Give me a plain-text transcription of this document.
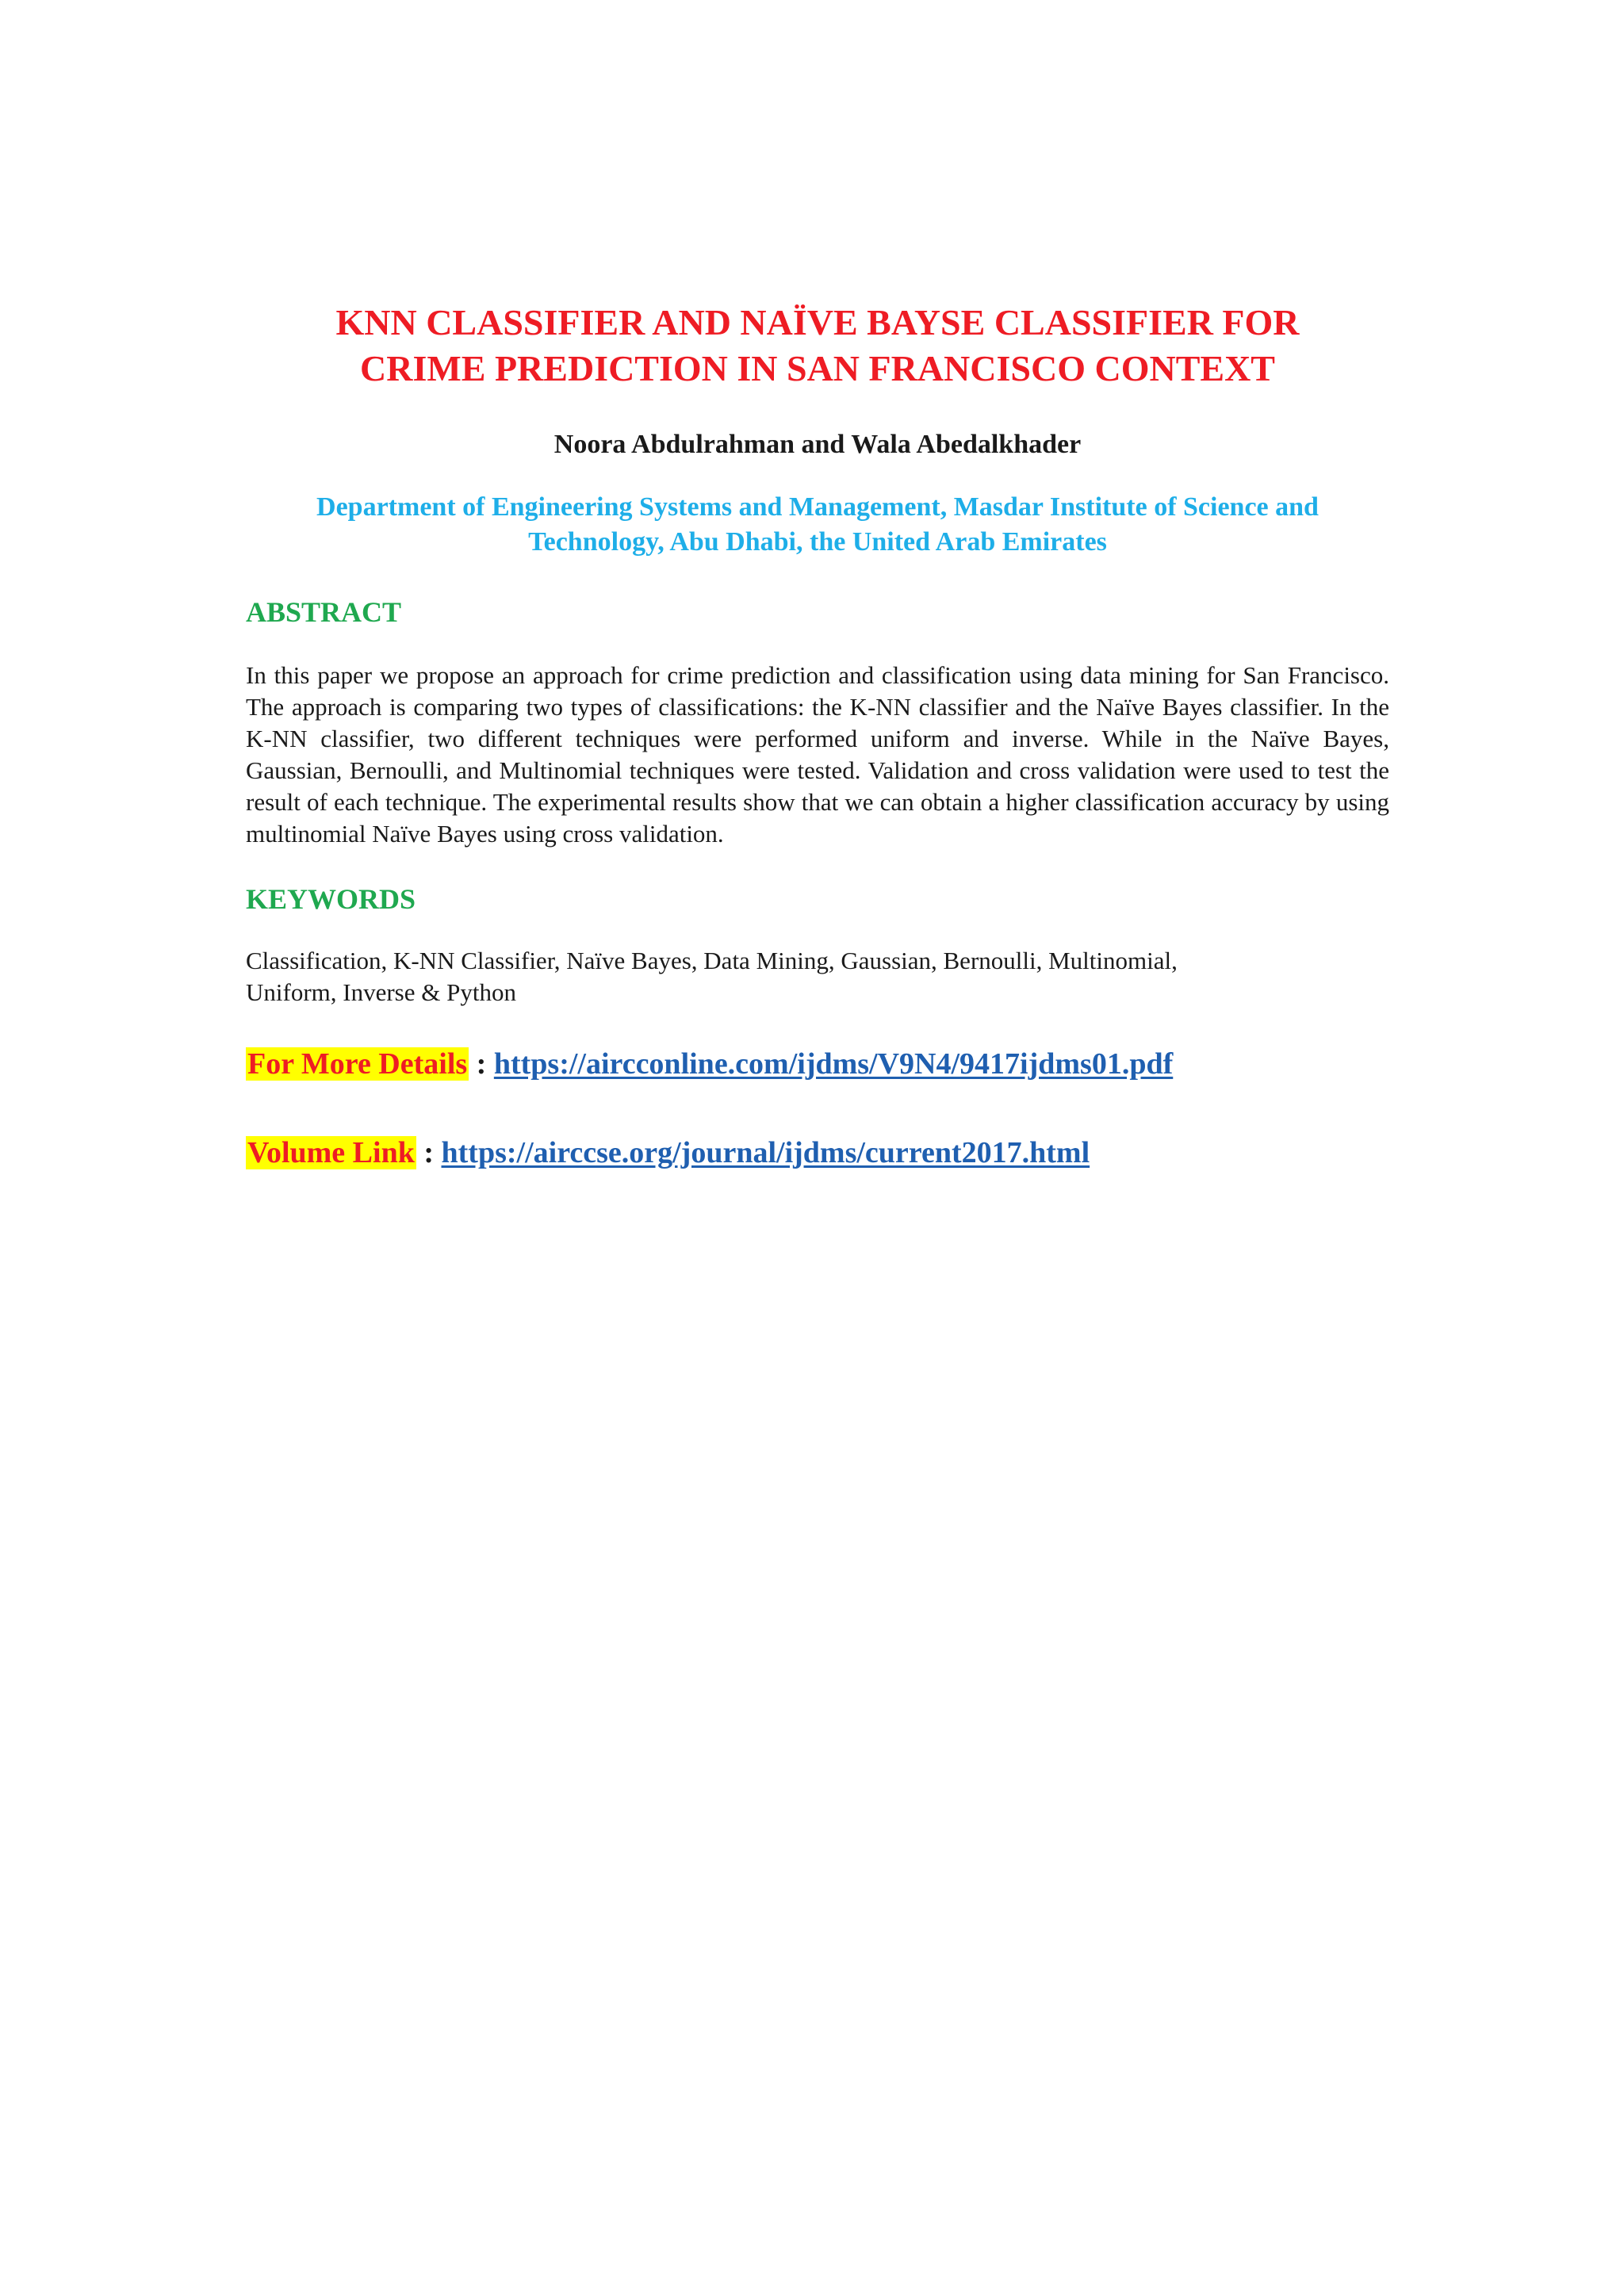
KNN CLASSIFIER AND NAÏVE BAYSE CLASSIFIER FOR
CRIME PREDICTION IN SAN FRANCISCO CONTEXT

Noora Abdulrahman and Wala Abedalkhader

Department of Engineering Systems and Management, Masdar Institute of Science and
Technology, Abu Dhabi, the United Arab Emirates

ABSTRACT

In this paper we propose an approach for crime prediction and classification using data mining for San Francisco. The approach is comparing two types of classifications: the K-NN classifier and the Naïve Bayes classifier. In the K-NN classifier, two different techniques were performed uniform and inverse. While in the Naïve Bayes, Gaussian, Bernoulli, and Multinomial techniques were tested. Validation and cross validation were used to test the result of each technique. The experimental results show that we can obtain a higher classification accuracy by using multinomial Naïve Bayes using cross validation.

KEYWORDS

Classification, K-NN Classifier, Naïve Bayes, Data Mining, Gaussian, Bernoulli, Multinomial,
Uniform, Inverse & Python

For More Details : https://aircconline.com/ijdms/V9N4/9417ijdms01.pdf

Volume Link : https://airccse.org/journal/ijdms/current2017.html
